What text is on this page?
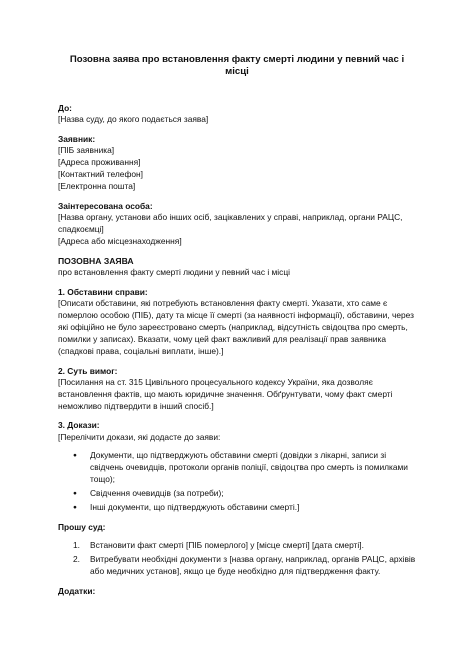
Позовна заява про встановлення факту смерті людини у певний час і місці
До:
[Назва суду, до якого подається заява]
Заявник:
[ПІБ заявника]
[Адреса проживання]
[Контактний телефон]
[Електронна пошта]
Заінтересована особа:
[Назва органу, установи або інших осіб, зацікавлених у справі, наприклад, органи РАЦС, спадкоємці]
[Адреса або місцезнаходження]
ПОЗОВНА ЗАЯВА
про встановлення факту смерті людини у певний час і місці
1. Обставини справи:
[Описати обставини, які потребують встановлення факту смерті. Указати, хто саме є померлою особою (ПІБ), дату та місце її смерті (за наявності інформації), обставини, через які офіційно не було зареєстровано смерть (наприклад, відсутність свідоцтва про смерть, помилки у записах). Вказати, чому цей факт важливий для реалізації прав заявника (спадкові права, соціальні виплати, інше).]
2. Суть вимог:
[Посилання на ст. 315 Цивільного процесуального кодексу України, яка дозволяє встановлення фактів, що мають юридичне значення. Обґрунтувати, чому факт смерті неможливо підтвердити в інший спосіб.]
3. Докази:
[Перелічити докази, які додасте до заяви:
● Документи, що підтверджують обставини смерті (довідки з лікарні, записи зі свідчень очевидців, протоколи органів поліції, свідоцтва про смерть із помилками тощо);
● Свідчення очевидців (за потреби);
● Інші документи, що підтверджують обставини смерті.]
Прошу суд:
1. Встановити факт смерті [ПІБ померлого] у [місце смерті] [дата смерті].
2. Витребувати необхідні документи з [назва органу, наприклад, органів РАЦС, архівів або медичних установ], якщо це буде необхідно для підтвердження факту.
Додатки:
